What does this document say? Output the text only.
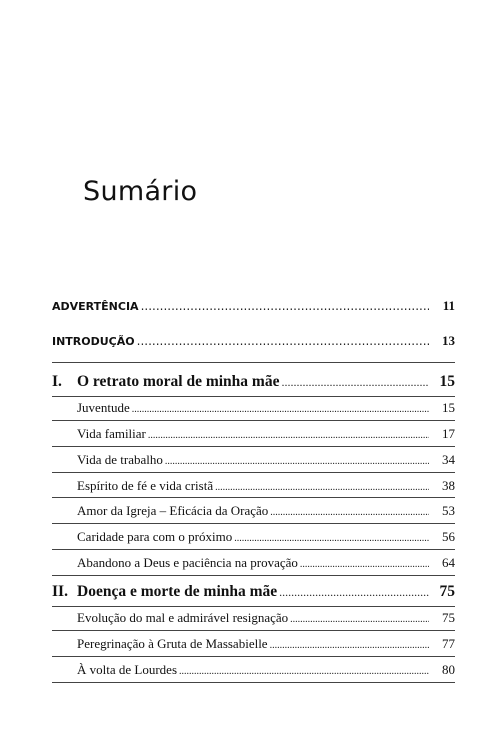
Sumário
ADVERTÊNCIA .....	11
INTRODUÇÃO .....	13
I. O retrato moral de minha mãe .....	15
Juventude .....	15
Vida familiar .....	17
Vida de trabalho .....	34
Espírito de fé e vida cristã .....	38
Amor da Igreja – Eficácia da Oração .....	53
Caridade para com o próximo .....	56
Abandono a Deus e paciência na provação .....	64
II. Doença e morte de minha mãe .....	75
Evolução do mal e admirável resignação .....	75
Peregrinação à Gruta de Massabielle .....	77
À volta de Lourdes .....	80
